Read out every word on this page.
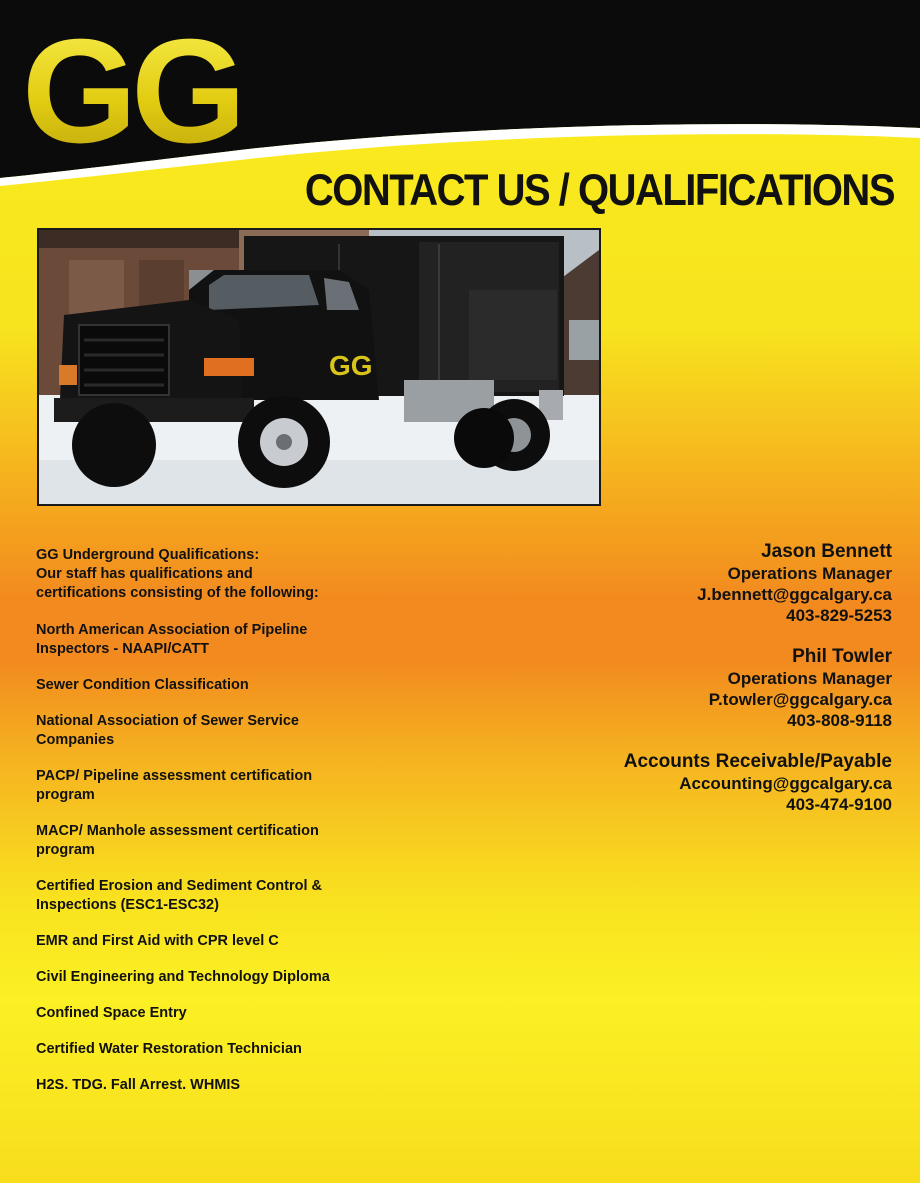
GG
CONTACT US / QUALIFICATIONS
GG

GG Underground Qualifications:
Our staff has qualifications and
certifications consisting of the following:

North American Association of Pipeline Inspectors - NAAPI/CATT
Sewer Condition Classification
National Association of Sewer Service Companies
PACP/ Pipeline assessment certification program
MACP/ Manhole assessment certification program
Certified Erosion and Sediment Control & Inspections (ESC1-ESC32)
EMR and First Aid with CPR level C
Civil Engineering and Technology Diploma
Confined Space Entry
Certified Water Restoration Technician
H2S. TDG. Fall Arrest. WHMIS
Jason Bennett
Operations Manager
J.bennett@ggcalgary.ca
403-829-5253
Phil Towler
Operations Manager
P.towler@ggcalgary.ca
403-808-9118
Accounts Receivable/Payable
Accounting@ggcalgary.ca
403-474-9100
